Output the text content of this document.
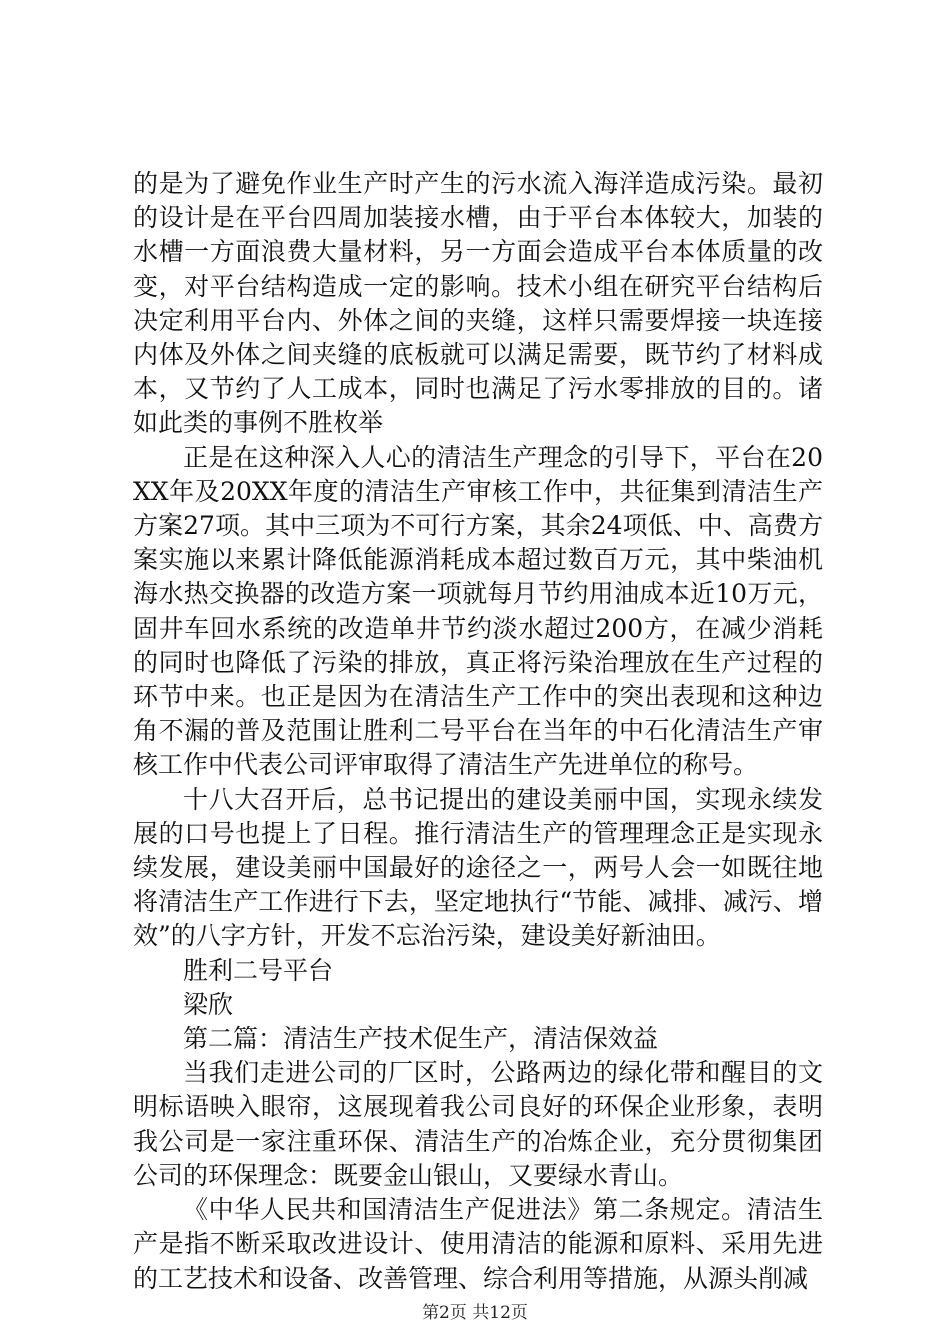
的是为了避免作业生产时产生的污水流入海洋造成污染。最初的设计是在平台四周加装接水槽，由于平台本体较大，加装的水槽一方面浪费大量材料，另一方面会造成平台本体质量的改变，对平台结构造成一定的影响。技术小组在研究平台结构后决定利用平台内、外体之间的夹缝，这样只需要焊接一块连接内体及外体之间夹缝的底板就可以满足需要，既节约了材料成本，又节约了人工成本，同时也满足了污水零排放的目的。诸如此类的事例不胜枚举

正是在这种深入人心的清洁生产理念的引导下，平台在20XX年及20XX年度的清洁生产审核工作中，共征集到清洁生产方案27项。其中三项为不可行方案，其余24项低、中、高费方案实施以来累计降低能源消耗成本超过数百万元，其中柴油机海水热交换器的改造方案一项就每月节约用油成本近10万元，固井车回水系统的改造单井节约淡水超过200方，在减少消耗的同时也降低了污染的排放，真正将污染治理放在生产过程的环节中来。也正是因为在清洁生产工作中的突出表现和这种边角不漏的普及范围让胜利二号平台在当年的中石化清洁生产审核工作中代表公司评审取得了清洁生产先进单位的称号。

十八大召开后，总书记提出的建设美丽中国，实现永续发展的口号也提上了日程。推行清洁生产的管理理念正是实现永续发展，建设美丽中国最好的途径之一，两号人会一如既往地将清洁生产工作进行下去，坚定地执行“节能、减排、减污、增效”的八字方针，开发不忘治污染，建设美好新油田。

胜利二号平台

梁欣

第二篇：清洁生产技术促生产，清洁保效益

当我们走进公司的厂区时，公路两边的绿化带和醒目的文明标语映入眼帘，这展现着我公司良好的环保企业形象，表明我公司是一家注重环保、清洁生产的冶炼企业，充分贯彻集团公司的环保理念：既要金山银山，又要绿水青山。

《中华人民共和国清洁生产促进法》第二条规定。清洁生产是指不断采取改进设计、使用清洁的能源和原料、采用先进的工艺技术和设备、改善管理、综合利用等措施，从源头削减

第2页 共12页
